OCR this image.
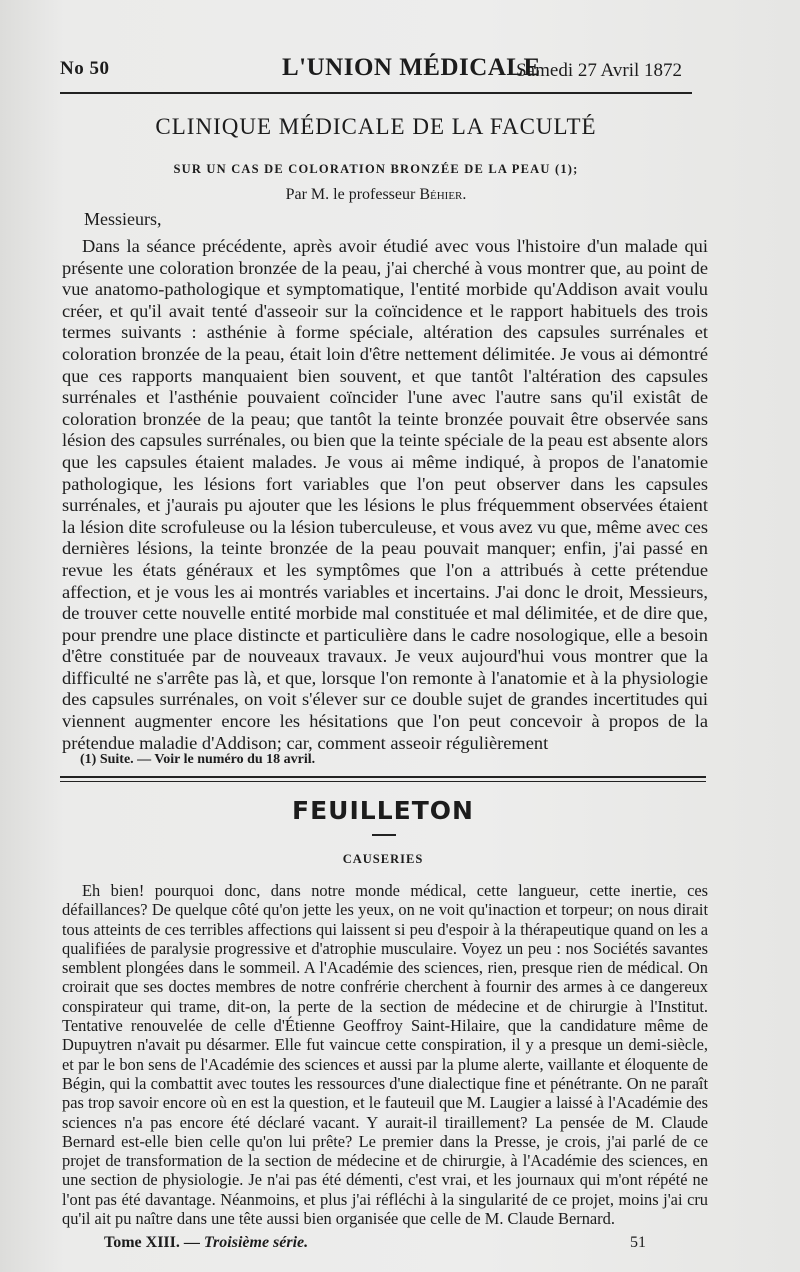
No 50	L'UNION MÉDICALE
Samedi 27 Avril 1872
CLINIQUE MÉDICALE DE LA FACULTÉ
SUR UN CAS DE COLORATION BRONZÉE DE LA PEAU (1);
Par M. le professeur Béhier.
Messieurs,

Dans la séance précédente, après avoir étudié avec vous l'histoire d'un malade qui présente une coloration bronzée de la peau, j'ai cherché à vous montrer que, au point de vue anatomo-pathologique et symptomatique, l'entité morbide qu'Addison avait voulu créer, et qu'il avait tenté d'asseoir sur la coïncidence et le rapport habituels des trois termes suivants : asthénie à forme spéciale, altération des capsules surrénales et coloration bronzée de la peau, était loin d'être nettement délimitée. Je vous ai démontré que ces rapports manquaient bien souvent, et que tantôt l'altération des capsules surrénales et l'asthénie pouvaient coïncider l'une avec l'autre sans qu'il existât de coloration bronzée de la peau; que tantôt la teinte bronzée pouvait être observée sans lésion des capsules surrénales, ou bien que la teinte spéciale de la peau est absente alors que les capsules étaient malades. Je vous ai même indiqué, à propos de l'anatomie pathologique, les lésions fort variables que l'on peut observer dans les capsules surrénales, et j'aurais pu ajouter que les lésions le plus fréquemment observées étaient la lésion dite scrofuleuse ou la lésion tuberculeuse, et vous avez vu que, même avec ces dernières lésions, la teinte bronzée de la peau pouvait manquer; enfin, j'ai passé en revue les états généraux et les symptômes que l'on a attribués à cette prétendue affection, et je vous les ai montrés variables et incertains. J'ai donc le droit, Messieurs, de trouver cette nouvelle entité morbide mal constituée et mal délimitée, et de dire que, pour prendre une place distincte et particulière dans le cadre nosologique, elle a besoin d'être constituée par de nouveaux travaux. Je veux aujourd'hui vous montrer que la difficulté ne s'arrête pas là, et que, lorsque l'on remonte à l'anatomie et à la physiologie des capsules surrénales, on voit s'élever sur ce double sujet de grandes incertitudes qui viennent augmenter encore les hésitations que l'on peut concevoir à propos de la prétendue maladie d'Addison; car, comment asseoir régulièrement

(1) Suite. — Voir le numéro du 18 avril.
FEUILLETON
CAUSERIES

Eh bien! pourquoi donc, dans notre monde médical, cette langueur, cette inertie, ces défaillances? De quelque côté qu'on jette les yeux, on ne voit qu'inaction et torpeur; on nous dirait tous atteints de ces terribles affections qui laissent si peu d'espoir à la thérapeutique quand on les a qualifiées de paralysie progressive et d'atrophie musculaire. Voyez un peu : nos Sociétés savantes semblent plongées dans le sommeil. A l'Académie des sciences, rien, presque rien de médical. On croirait que ses doctes membres de notre confrérie cherchent à fournir des armes à ce dangereux conspirateur qui trame, dit-on, la perte de la section de médecine et de chirurgie à l'Institut. Tentative renouvelée de celle d'Étienne Geoffroy Saint-Hilaire, que la candidature même de Dupuytren n'avait pu désarmer. Elle fut vaincue cette conspiration, il y a presque un demi-siècle, et par le bon sens de l'Académie des sciences et aussi par la plume alerte, vaillante et éloquente de Bégin, qui la combattit avec toutes les ressources d'une dialectique fine et pénétrante. On ne paraît pas trop savoir encore où en est la question, et le fauteuil que M. Laugier a laissé à l'Académie des sciences n'a pas encore été déclaré vacant. Y aurait-il tiraillement? La pensée de M. Claude Bernard est-elle bien celle qu'on lui prête? Le premier dans la Presse, je crois, j'ai parlé de ce projet de transformation de la section de médecine et de chirurgie, à l'Académie des sciences, en une section de physiologie. Je n'ai pas été démenti, c'est vrai, et les journaux qui m'ont répété ne l'ont pas été davantage. Néanmoins, et plus j'ai réfléchi à la singularité de ce projet, moins j'ai cru qu'il ait pu naître dans une tête aussi bien organisée que celle de M. Claude Bernard.

Tome XIII. — Troisième série.	51
